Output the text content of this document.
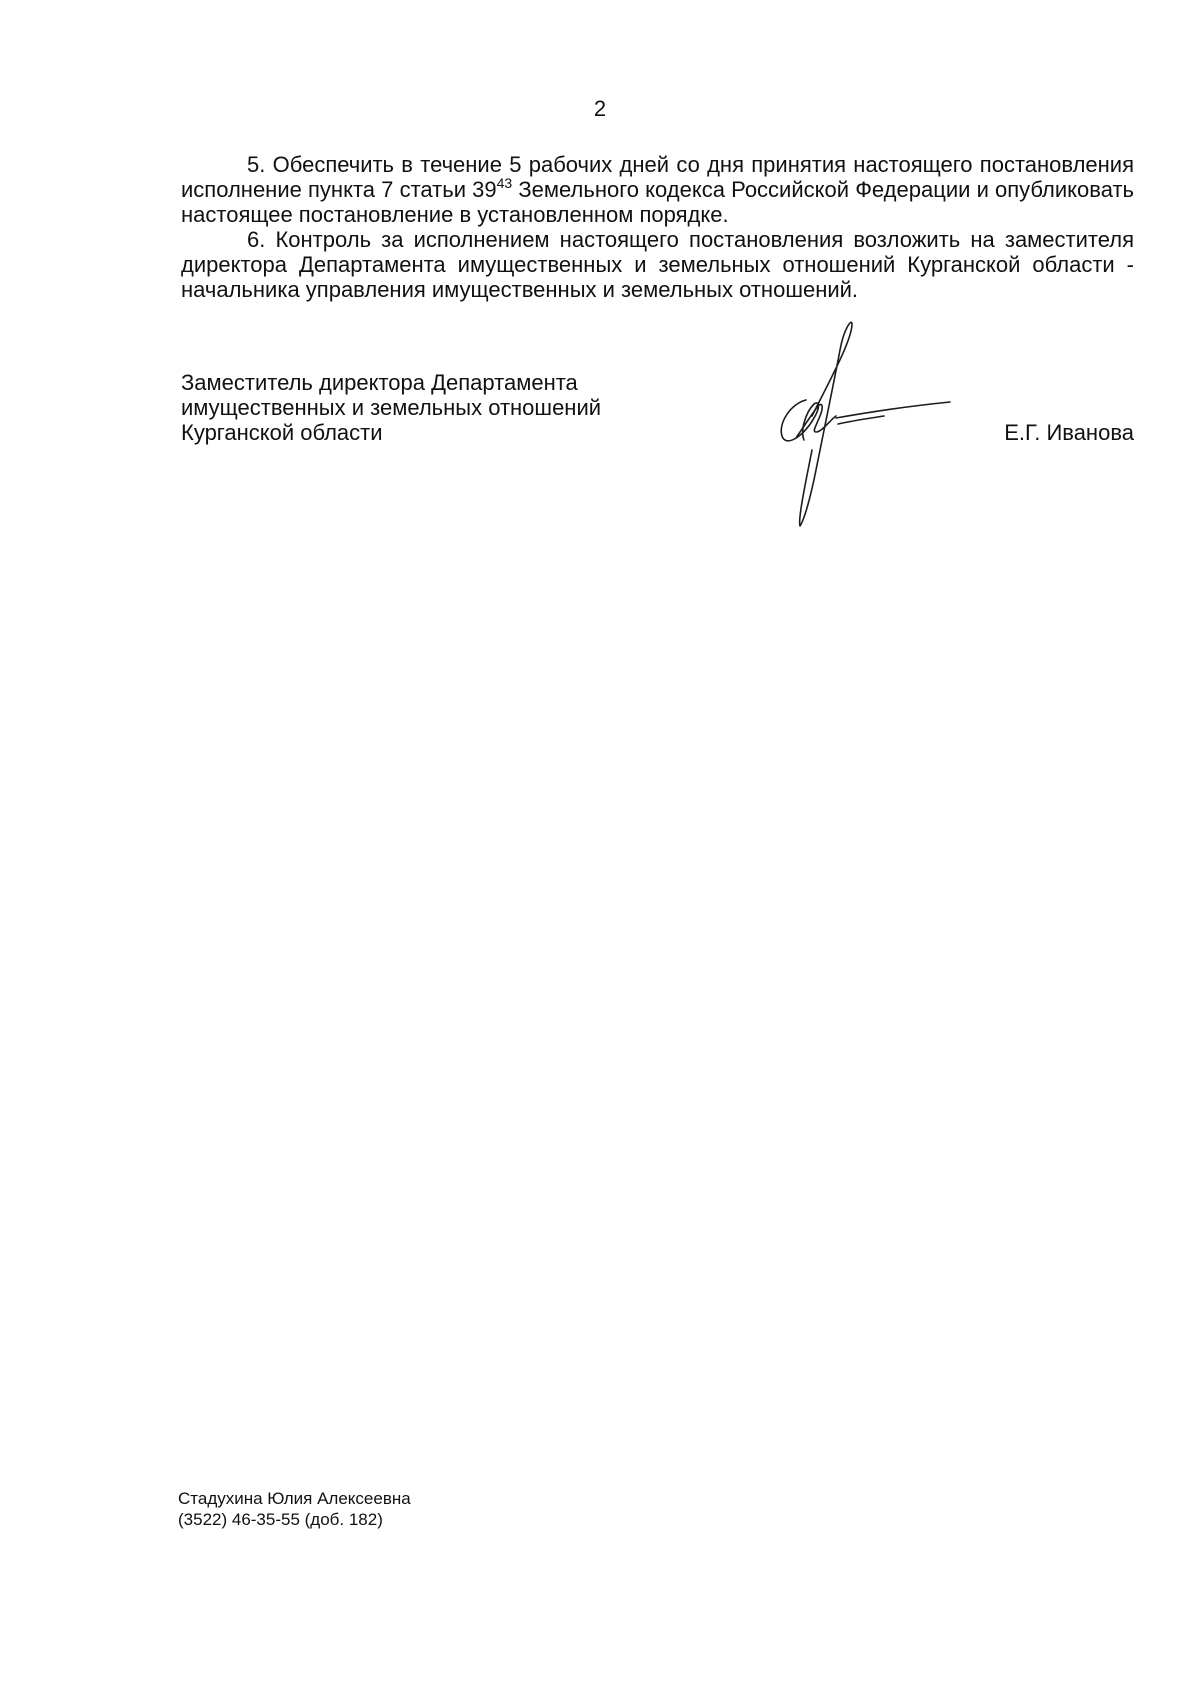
2

5. Обеспечить в течение 5 рабочих дней со дня принятия настоящего постановления исполнение пункта 7 статьи $39^{43}$ Земельного кодекса Российской Федерации и опубликовать настоящее постановление в установленном порядке.

6. Контроль за исполнением настоящего постановления возложить на заместителя директора Департамента имущественных и земельных отношений Курганской области - начальника управления имущественных и земельных отношений.

Заместитель директора Департамента
имущественных и земельных отношений
Курганской области	Е.Г. Иванова
Стадухина Юлия Алексеевна
(3522) 46-35-55 (доб. 182)
